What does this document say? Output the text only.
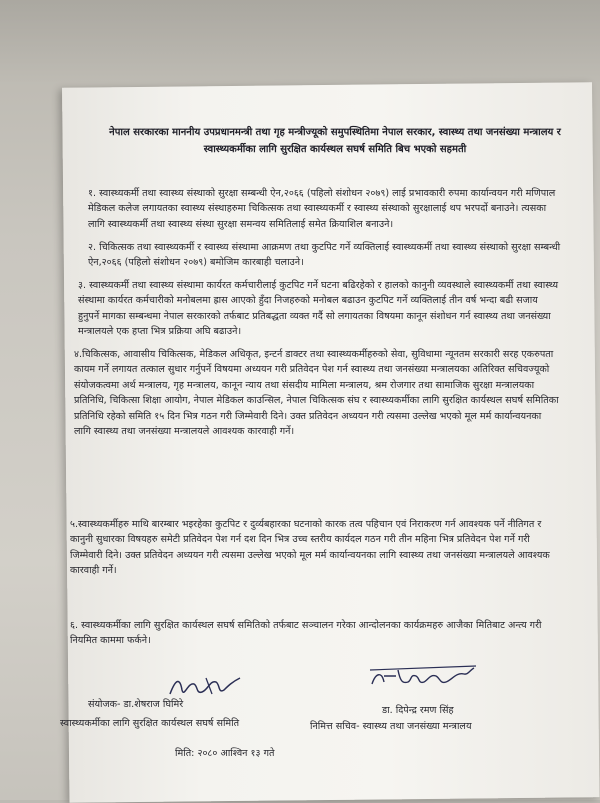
नेपाल सरकारका माननीय उपप्रधानमन्त्री तथा गृह मन्त्रीज्यूको समुपस्थितिमा नेपाल सरकार, स्वास्थ्य तथा जनसंख्या मन्त्रालय र स्वास्थ्यकर्मीका लागि सुरक्षित कार्यस्थल सघर्ष समिति बिच भएको सहमती
१. स्वास्थ्यकर्मी तथा स्वास्थ्य संस्थाको सुरक्षा सम्बन्धी ऐन,२०६६ (पहिलो संशोधन २०७९) लाई प्रभावकारी रुपमा कार्यान्वयन गरी मणिपाल मेडिकल कलेज लगायतका स्वास्थ्य संस्थाहरुमा चिकित्सक तथा स्वास्थ्यकर्मी र स्वास्थ्य संस्थाको सुरक्षालाई थप भरपर्दो बनाउने। त्यसका लागि स्वास्थ्यकर्मी तथा स्वास्थ्य संस्था सुरक्षा समन्वय समितिलाई समेत क्रियाशिल बनाउने।
२. चिकित्सक तथा स्वास्थ्यकर्मी र स्वास्थ्य संस्थामा आक्रमण तथा कुटपिट गर्ने व्यक्तिलाई स्वास्थ्यकर्मी तथा स्वास्थ्य संस्थाको सुरक्षा सम्बन्धी ऐन,२०६६ (पहिलो संशोधन २०७९) बमोजिम कारबाही चलाउने।
३. स्वास्थ्यकर्मी तथा स्वास्थ्य संस्थामा कार्यरत कर्मचारीलाई कुटपिट गर्ने घटना बढिरहेको र हालको कानुनी व्यवस्थाले स्वास्थ्यकर्मी तथा स्वास्थ्य संस्थामा कार्यरत कर्मचारीको मनोबलमा ह्रास आएको हुँदा निजहरुको मनोबल बढाउन कुटपिट गर्ने व्यक्तिलाई तीन वर्ष भन्दा बढी सजाय हुनुपर्ने मागका सम्बन्धमा नेपाल सरकारको तर्फबाट प्रतिबद्धता व्यक्त गर्दै सो लगायतका विषयमा कानून संशोधन गर्न स्वास्थ्य तथा जनसंख्या मन्त्रालयले एक हप्ता भित्र प्रक्रिया अघि बढाउने।
४.चिकित्सक, आवासीय चिकित्सक, मेडिकल अधिकृत, इन्टर्न डाक्टर तथा स्वास्थ्यकर्मीहरुको सेवा, सुविधामा न्यूनतम सरकारी सरह एकरुपता कायम गर्ने लगायत तत्काल सुधार गर्नुपर्ने विषयमा अध्ययन गरी प्रतिवेदन पेश गर्न स्वास्थ्य तथा जनसंख्या मन्त्रालयका अतिरिक्त सचिवज्यूको संयोजकत्वमा अर्थ मन्त्रालय, गृह मन्त्रालय, कानून न्याय तथा संसदीय मामिला मन्त्रालय, श्रम रोजगार तथा सामाजिक सुरक्षा मन्त्रालयका प्रतिनिधि, चिकित्सा शिक्षा आयोग, नेपाल मेडिकल काउन्सिल, नेपाल चिकित्सक संघ र स्वास्थ्यकर्मीका लागि सुरक्षित कार्यस्थल सघर्ष समितिका प्रतिनिधि रहेको समिति १५ दिन भित्र गठन गरी जिम्मेवारी दिने। उक्त प्रतिवेदन अध्ययन गरी त्यसमा उल्लेख भएको मूल मर्म कार्यान्वयनका लागि स्वास्थ्य तथा जनसंख्या मन्त्रालयले आवश्यक कारवाही गर्ने।
५.स्वास्थ्यकर्मीहरु माथि बारम्बार भइरहेका कुटपिट र दुर्व्यबहारका घटनाको कारक तत्व पहिचान एवं निराकरण गर्न आवश्यक पर्ने नीतिगत र कानुनी सुधारका विषयहरु समेटी प्रतिवेदन पेश गर्न दश दिन भित्र उच्च स्तरीय कार्यदल गठन गरी तीन महिना भित्र प्रतिवेदन पेश गर्ने गरी जिम्मेवारी दिने। उक्त प्रतिवेदन अध्ययन गरी त्यसमा उल्लेख भएको मूल मर्म कार्यान्वयनका लागि स्वास्थ्य तथा जनसंख्या मन्त्रालयले आवश्यक कारवाही गर्ने।
६. स्वास्थ्यकर्मीका लागि सुरक्षित कार्यस्थल सघर्ष समितिको तर्फबाट सञ्चालन गरेका आन्दोलनका कार्यक्रमहरु आजैका मितिबाट अन्त्य गरी नियमित काममा फर्कने।
संयोजक- डा.शेषराज घिमिरे
स्वास्थ्यकर्मीका लागि सुरक्षित कार्यस्थल सघर्ष समिति
डा. दिपेन्द्र रमण सिंह
निमित्त सचिव- स्वास्थ्य तथा जनसंख्या मन्त्रालय
मिति: २०८० आश्विन १३ गते
